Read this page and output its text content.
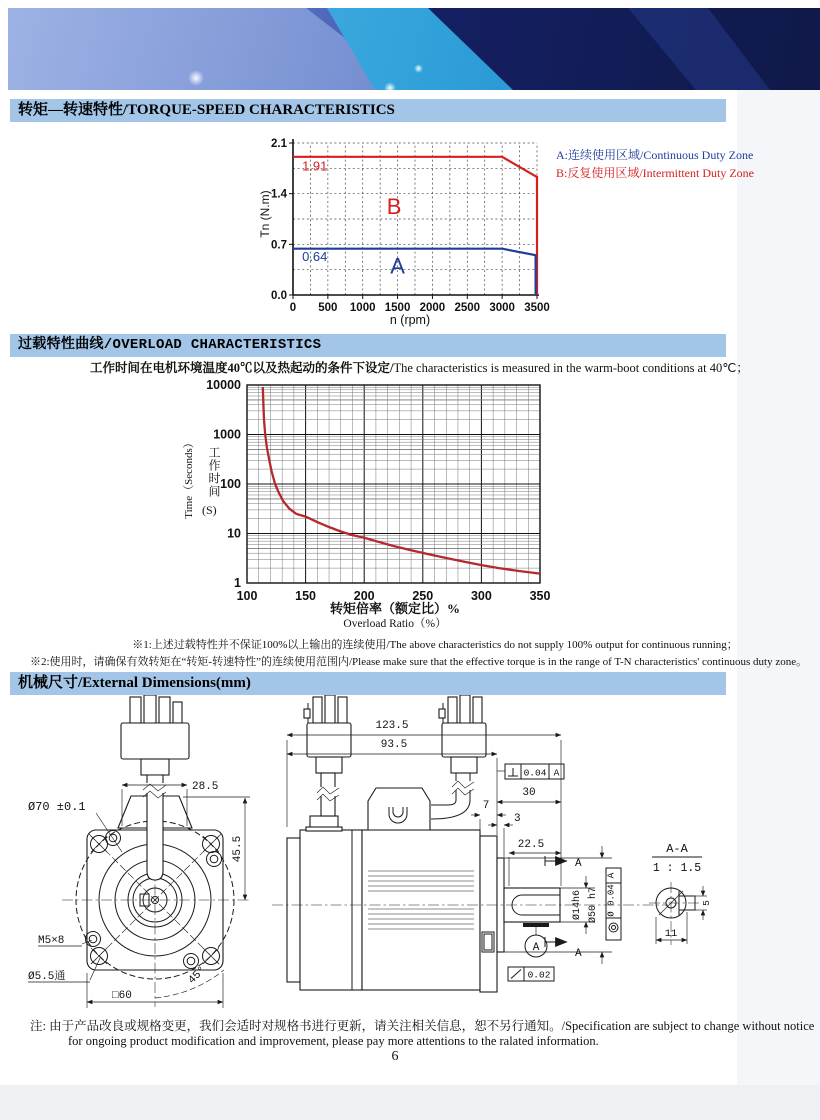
转矩—转速特性/TORQUE-SPEED CHARACTERISTICS
0 500 1000 1500 2000 2500 3000 3500
0.0
0.7
1.4
2.1
1.91
0.64
B
A
Tn (N.m)
n (rpm)
A:连续使用区域/Continuous Duty Zone
B:反复使用区域/Intermittent Duty Zone
过载特性曲线/OVERLOAD CHARACTERISTICS
工作时间在电机环境温度40℃以及热起动的条件下设定/The characteristics is measured in the warm-boot conditions at 40℃；
1
10
100
1000
10000
100	150	200	250	300	350
Time（Seconds） 工作时间
(S)
转矩倍率（额定比）%
Overload Ratio（%）
※1:上述过载特性并不保证100%以上输出的连续使用/The above characteristics do not supply 100% output for continuous running；
※2:使用时，请确保有效转矩在“转矩-转速特性”的连续使用范围内/Please make sure that the effective torque is in the range of T-N characteristics' continuous duty zone。
机械尺寸/External Dimensions(mm)
28.5
Ø70 ±0.1
45.5
M5×8
Ø5.5通
□60
45°
A
123.5
93.5
0.04 A
30
7
3
22.5
A
A
Ø14h6 Ø50 h7
A
Ø 0.04
0.02
A-A
1 : 1.5
5
11
注: 由于产品改良或规格变更，我们会适时对规格书进行更新，请关注相关信息，恕不另行通知。/Specification are subject to change without notice
for ongoing product modification and improvement, please pay more attentions to the ralated information.
6
